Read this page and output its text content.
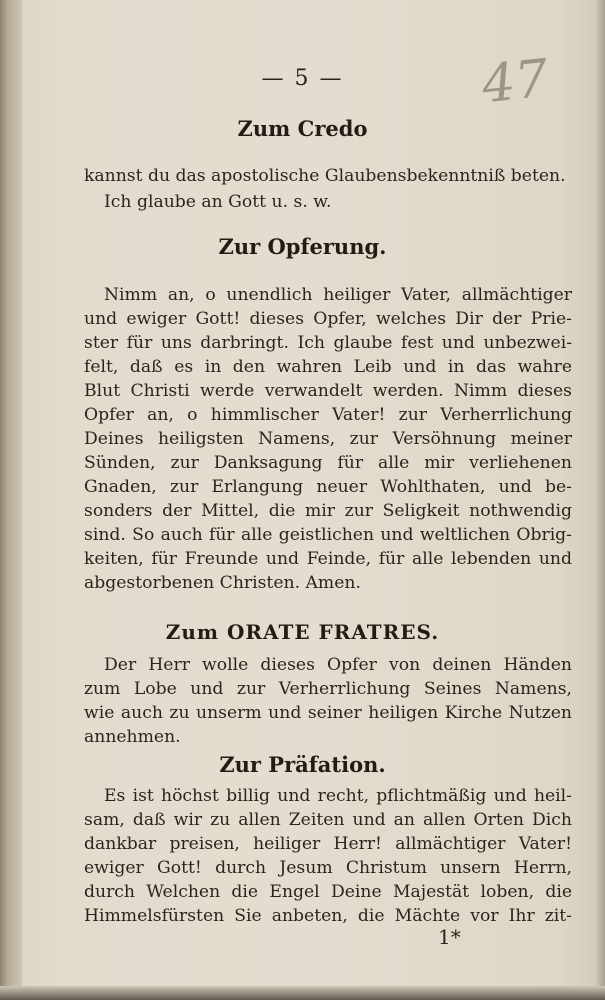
— 5 —	47
Zum Credo
kannst du das apostolische Glaubensbekenntniß beten.
Ich glaube an Gott u. s. w.
Zur Opferung.
Nimm an, o unendlich heiliger Vater, allmächtiger
und ewiger Gott! dieses Opfer, welches Dir der Prie-
ster für uns darbringt. Ich glaube fest und unbezwei-
felt, daß es in den wahren Leib und in das wahre
Blut Christi werde verwandelt werden. Nimm dieses
Opfer an, o himmlischer Vater! zur Verherrlichung
Deines heiligsten Namens, zur Versöhnung meiner
Sünden, zur Danksagung für alle mir verliehenen
Gnaden, zur Erlangung neuer Wohlthaten, und be-
sonders der Mittel, die mir zur Seligkeit nothwendig
sind. So auch für alle geistlichen und weltlichen Obrig-
keiten, für Freunde und Feinde, für alle lebenden und
abgestorbenen Christen. Amen.
Zum ORATE FRATRES.
Der Herr wolle dieses Opfer von deinen Händen
zum Lobe und zur Verherrlichung Seines Namens,
wie auch zu unserm und seiner heiligen Kirche Nutzen
annehmen.
Zur Präfation.
Es ist höchst billig und recht, pflichtmäßig und heil-
sam, daß wir zu allen Zeiten und an allen Orten Dich
dankbar preisen, heiliger Herr! allmächtiger Vater!
ewiger Gott! durch Jesum Christum unsern Herrn,
durch Welchen die Engel Deine Majestät loben, die
Himmelsfürsten Sie anbeten, die Mächte vor Ihr zit-
1*
